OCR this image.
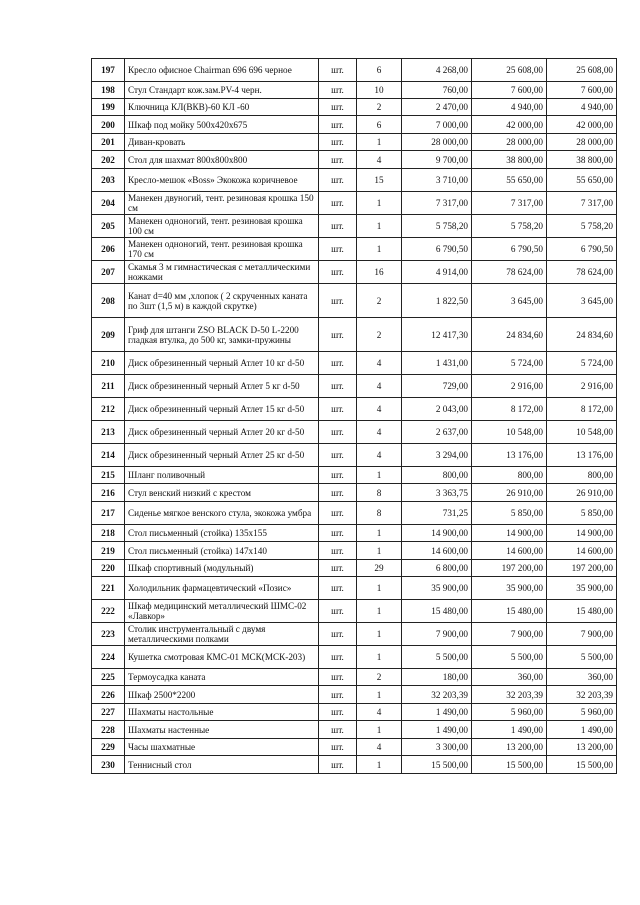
197	Кресло офисное Chairman 696 696 черное	шт.	6	4 268,00	25 608,00	25 608,00
198	Стул Стандарт кож.зам.PV-4 черн.	шт.	10	760,00	7 600,00	7 600,00
199	Ключница КЛ(ВКВ)-60 КЛ -60	шт.	2	2 470,00	4 940,00	4 940,00
200	Шкаф под мойку 500х420х675	шт.	6	7 000,00	42 000,00	42 000,00
201	Диван-кровать	шт.	1	28 000,00	28 000,00	28 000,00
202	Стол для шахмат 800х800х800	шт.	4	9 700,00	38 800,00	38 800,00
203	Кресло-мешок «Boss» Экокожа коричневое	шт.	15	3 710,00	55 650,00	55 650,00
204	Манекен двуногий, тент. резиновая крошка 150 см	шт.	1	7 317,00	7 317,00	7 317,00
205	Манекен одноногий, тент. резиновая крошка 100 см	шт.	1	5 758,20	5 758,20	5 758,20
206	Манекен одноногий, тент. резиновая крошка 170 см	шт.	1	6 790,50	6 790,50	6 790,50
207	Скамья 3 м гимнастическая с металлическими ножками	шт.	16	4 914,00	78 624,00	78 624,00
208	Канат d=40 мм ,хлопок ( 2 скрученных каната по 3шт (1,5 м) в каждой скрутке)	шт.	2	1 822,50	3 645,00	3 645,00
209	Гриф для штанги ZSO BLACK D-50 L-2200 гладкая втулка, до 500 кг, замки-пружины	шт.	2	12 417,30	24 834,60	24 834,60
210	Диск обрезиненный черный Атлет 10 кг d-50	шт.	4	1 431,00	5 724,00	5 724,00
211	Диск обрезиненный черный Атлет 5 кг d-50	шт.	4	729,00	2 916,00	2 916,00
212	Диск обрезиненный черный Атлет 15 кг d-50	шт.	4	2 043,00	8 172,00	8 172,00
213	Диск обрезиненный черный Атлет 20 кг d-50	шт.	4	2 637,00	10 548,00	10 548,00
214	Диск обрезиненный черный Атлет 25 кг d-50	шт.	4	3 294,00	13 176,00	13 176,00
215	Шланг поливочный	шт.	1	800,00	800,00	800,00
216	Стул венский низкий с крестом	шт.	8	3 363,75	26 910,00	26 910,00
217	Сиденье мягкое венского стула, экокожа умбра	шт.	8	731,25	5 850,00	5 850,00
218	Стол письменный (стойка) 135х155	шт.	1	14 900,00	14 900,00	14 900,00
219	Стол письменный (стойка) 147х140	шт.	1	14 600,00	14 600,00	14 600,00
220	Шкаф спортивный (модульный)	шт.	29	6 800,00	197 200,00	197 200,00
221	Холодильник фармацевтический «Позис»	шт.	1	35 900,00	35 900,00	35 900,00
222	Шкаф медицинский металлический ШМС-02 «Лавкор»	шт.	1	15 480,00	15 480,00	15 480,00
223	Столик инструментальный с двумя металлическими полками	шт.	1	7 900,00	7 900,00	7 900,00
224	Кушетка смотровая КМС-01 МСК(МСК-203)	шт.	1	5 500,00	5 500,00	5 500,00
225	Термоусадка каната	шт.	2	180,00	360,00	360,00
226	Шкаф 2500*2200	шт.	1	32 203,39	32 203,39	32 203,39
227	Шахматы настольные	шт.	4	1 490,00	5 960,00	5 960,00
228	Шахматы настенные	шт.	1	1 490,00	1 490,00	1 490,00
229	Часы шахматные	шт.	4	3 300,00	13 200,00	13 200,00
230	Теннисный стол	шт.	1	15 500,00	15 500,00	15 500,00
